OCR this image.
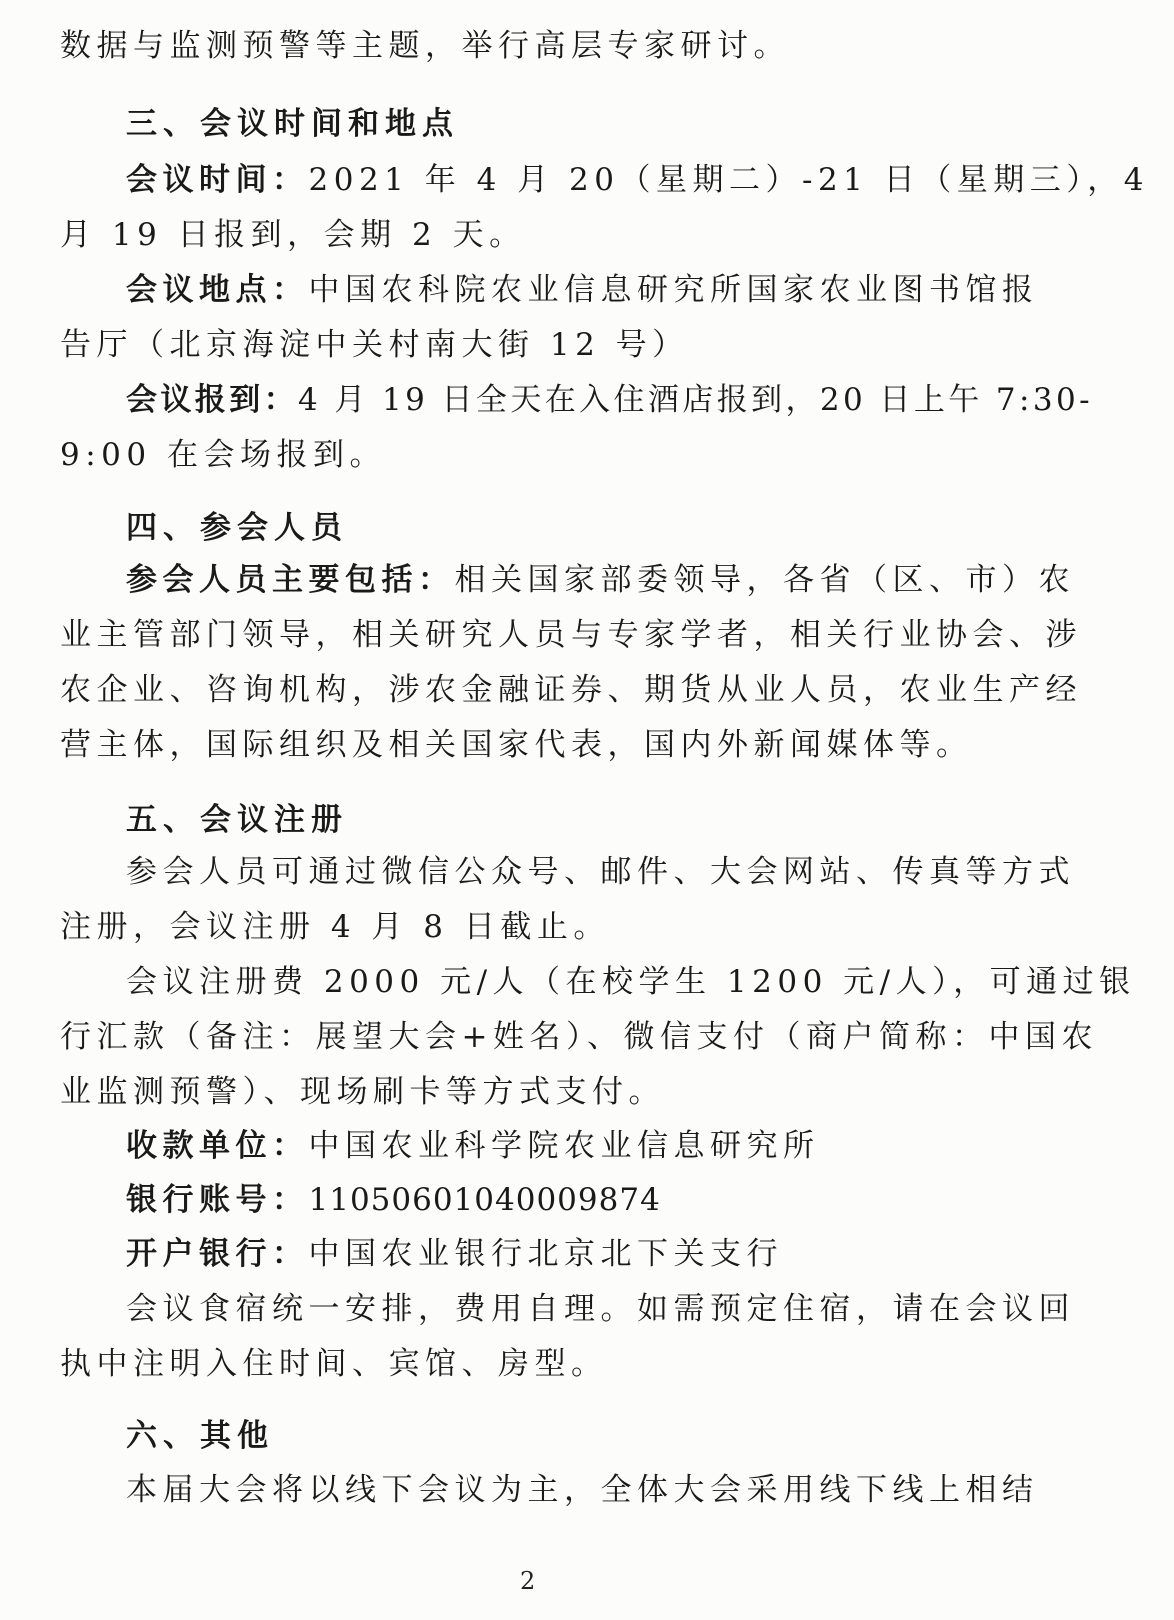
数据与监测预警等主题，举行高层专家研讨。
三、会议时间和地点
会议时间：2021 年 4 月 20（星期二）-21 日（星期三），4
月 19 日报到，会期 2 天。
会议地点：中国农科院农业信息研究所国家农业图书馆报
告厅（北京海淀中关村南大街 12 号）
会议报到：4 月 19 日全天在入住酒店报到，20 日上午 7:30-
9:00 在会场报到。
四、参会人员
参会人员主要包括：相关国家部委领导，各省（区、市）农
业主管部门领导，相关研究人员与专家学者，相关行业协会、涉
农企业、咨询机构，涉农金融证券、期货从业人员，农业生产经
营主体，国际组织及相关国家代表，国内外新闻媒体等。
五、会议注册
参会人员可通过微信公众号、邮件、大会网站、传真等方式
注册，会议注册 4 月 8 日截止。
会议注册费 2000 元/人（在校学生 1200 元/人），可通过银
行汇款（备注：展望大会+姓名）、微信支付（商户简称：中国农
业监测预警）、现场刷卡等方式支付。
收款单位：中国农业科学院农业信息研究所
银行账号：11050601040009874
开户银行：中国农业银行北京北下关支行
会议食宿统一安排，费用自理。如需预定住宿，请在会议回
执中注明入住时间、宾馆、房型。
六、其他
本届大会将以线下会议为主，全体大会采用线下线上相结
2
